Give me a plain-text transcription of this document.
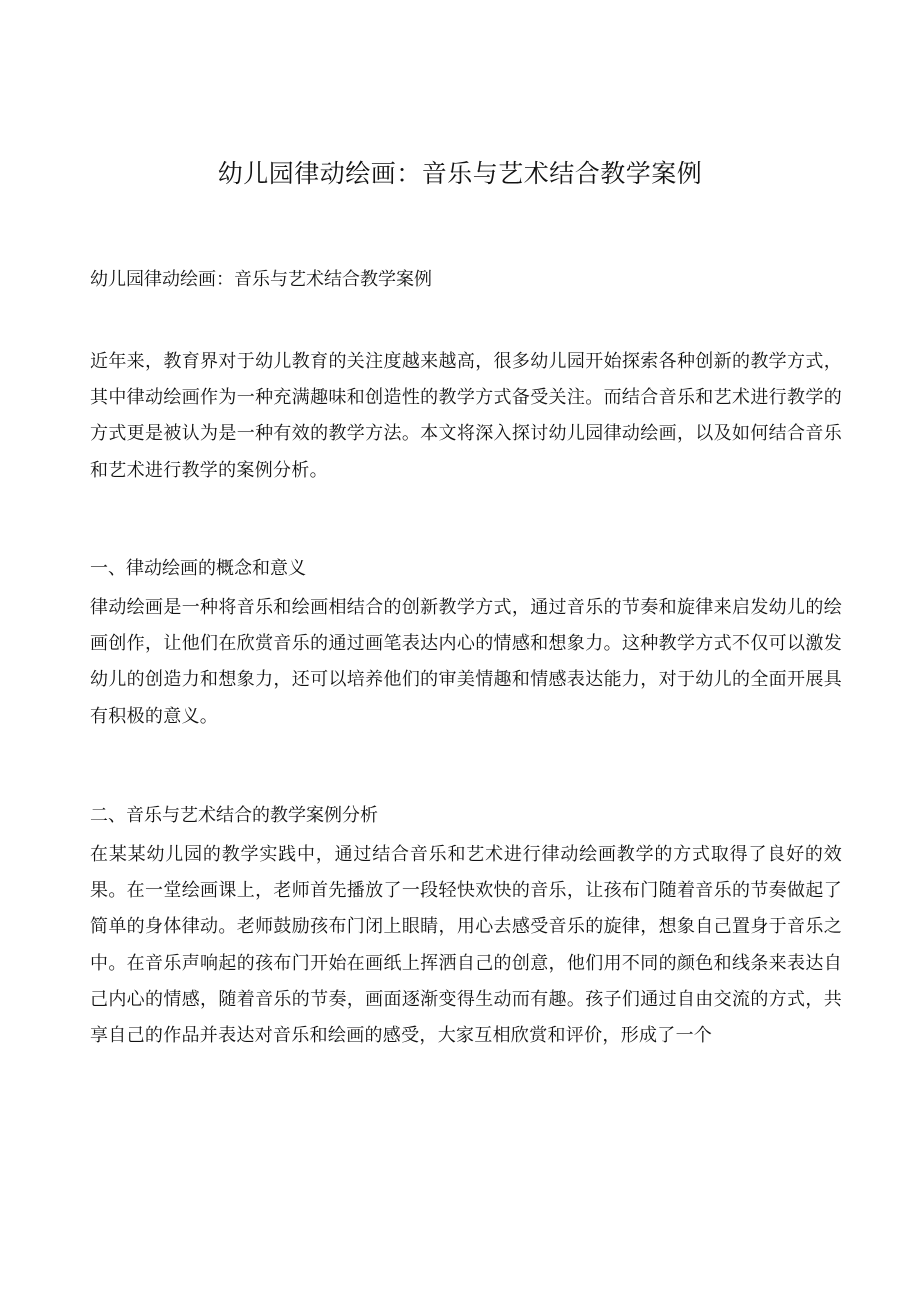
幼儿园律动绘画：音乐与艺术结合教学案例

幼儿园律动绘画：音乐与艺术结合教学案例

近年来，教育界对于幼儿教育的关注度越来越高，很多幼儿园开始探索各种创新的教学方式，其中律动绘画作为一种充满趣味和创造性的教学方式备受关注。而结合音乐和艺术进行教学的方式更是被认为是一种有效的教学方法。本文将深入探讨幼儿园律动绘画，以及如何结合音乐和艺术进行教学的案例分析。

一、律动绘画的概念和意义

律动绘画是一种将音乐和绘画相结合的创新教学方式，通过音乐的节奏和旋律来启发幼儿的绘画创作，让他们在欣赏音乐的通过画笔表达内心的情感和想象力。这种教学方式不仅可以激发幼儿的创造力和想象力，还可以培养他们的审美情趣和情感表达能力，对于幼儿的全面开展具有积极的意义。

二、音乐与艺术结合的教学案例分析

在某某幼儿园的教学实践中，通过结合音乐和艺术进行律动绘画教学的方式取得了良好的效果。在一堂绘画课上，老师首先播放了一段轻快欢快的音乐，让孩布门随着音乐的节奏做起了简单的身体律动。老师鼓励孩布门闭上眼睛，用心去感受音乐的旋律，想象自己置身于音乐之中。在音乐声响起的孩布门开始在画纸上挥洒自己的创意，他们用不同的颜色和线条来表达自己内心的情感，随着音乐的节奏，画面逐渐变得生动而有趣。孩子们通过自由交流的方式，共享自己的作品并表达对音乐和绘画的感受，大家互相欣赏和评价，形成了一个
